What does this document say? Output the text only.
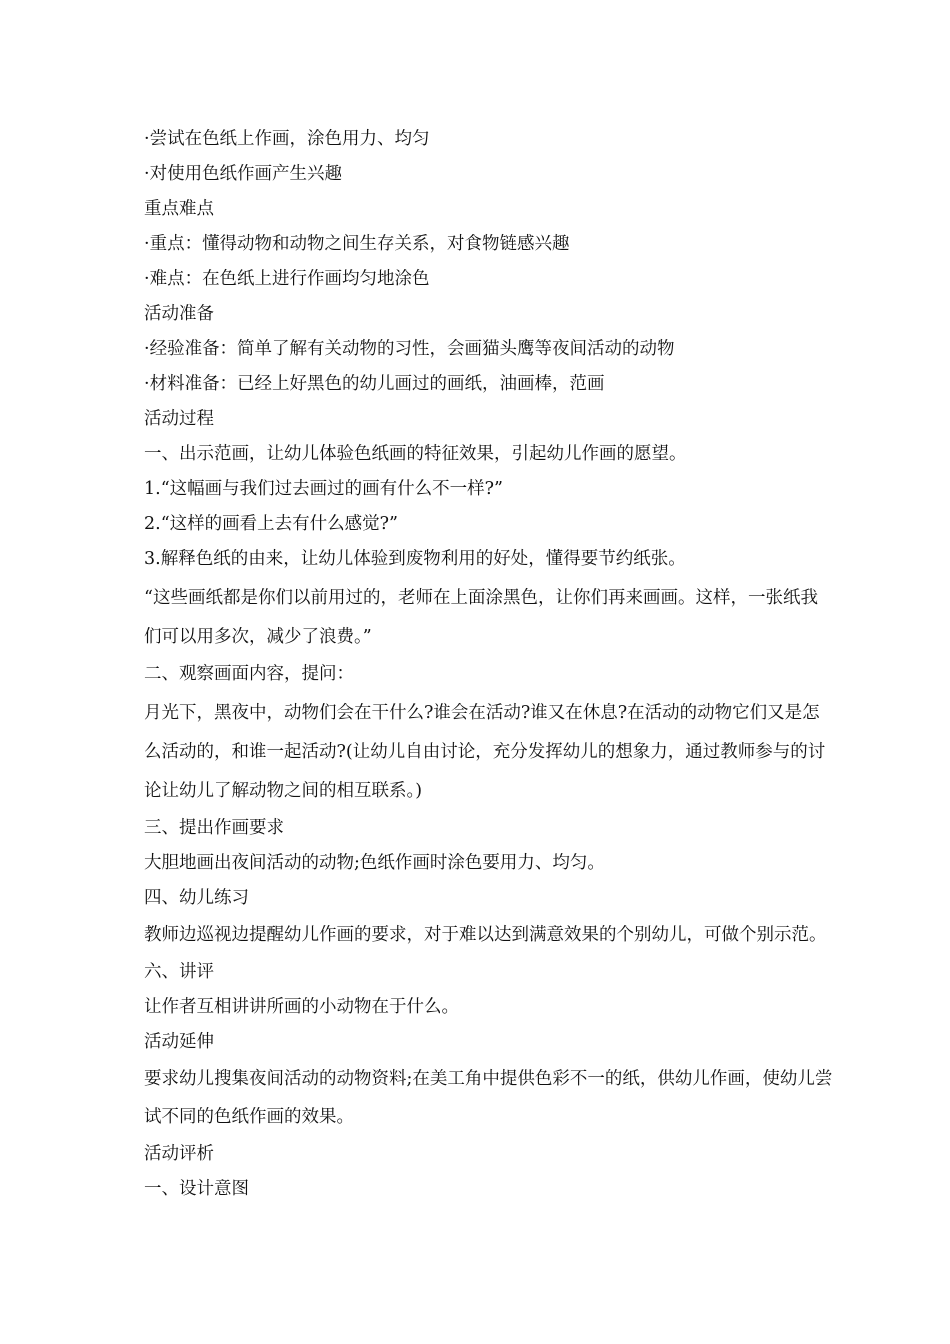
·尝试在色纸上作画，涂色用力、均匀
·对使用色纸作画产生兴趣
重点难点
·重点：懂得动物和动物之间生存关系，对食物链感兴趣
·难点：在色纸上进行作画均匀地涂色
活动准备
·经验准备：简单了解有关动物的习性，会画猫头鹰等夜间活动的动物
·材料准备：已经上好黑色的幼儿画过的画纸，油画棒，范画
活动过程
一、出示范画，让幼儿体验色纸画的特征效果，引起幼儿作画的愿望。
1.“这幅画与我们过去画过的画有什么不一样?”
2.“这样的画看上去有什么感觉?”
3.解释色纸的由来，让幼儿体验到废物利用的好处，懂得要节约纸张。

“这些画纸都是你们以前用过的，老师在上面涂黑色，让你们再来画画。这样，一张纸我们可以用多次，减少了浪费。”

二、观察画面内容，提问：

月光下，黑夜中，动物们会在干什么?谁会在活动?谁又在休息?在活动的动物它们又是怎么活动的，和谁一起活动?(让幼儿自由讨论，充分发挥幼儿的想象力，通过教师参与的讨论让幼儿了解动物之间的相互联系。)

三、提出作画要求
大胆地画出夜间活动的动物;色纸作画时涂色要用力、均匀。
四、幼儿练习

教师边巡视边提醒幼儿作画的要求，对于难以达到满意效果的个别幼儿，可做个别示范。

六、讲评
让作者互相讲讲所画的小动物在于什么。
活动延伸

要求幼儿搜集夜间活动的动物资料;在美工角中提供色彩不一的纸，供幼儿作画，使幼儿尝试不同的色纸作画的效果。

活动评析
一、设计意图
